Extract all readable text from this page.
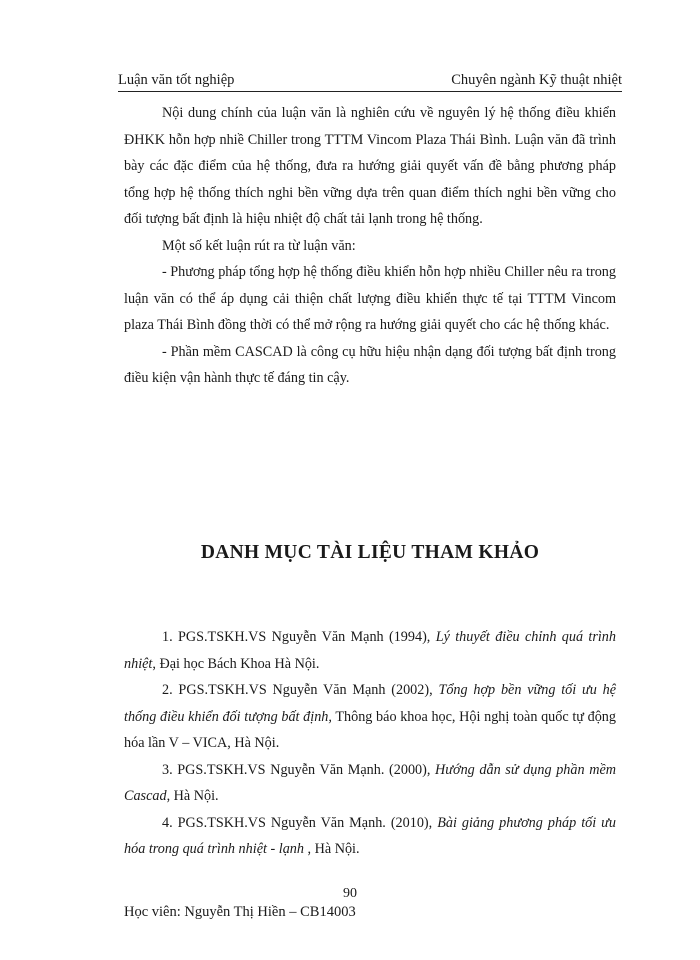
Luận văn tốt nghiệp	Chuyên ngành Kỹ thuật nhiệt

Nội dung chính của luận văn là nghiên cứu về nguyên lý hệ thống điều khiển ĐHKK hỗn hợp nhiề Chiller trong TTTM Vincom Plaza Thái Bình. Luận văn đã trình bày các đặc điểm của hệ thống, đưa ra hướng giải quyết vấn đề bằng phương pháp tổng hợp hệ thống thích nghi bền vững dựa trên quan điểm thích nghi bền vững cho đối tượng bất định là hiệu nhiệt độ chất tải lạnh trong hệ thống.

Một số kết luận rút ra từ luận văn:

- Phương pháp tổng hợp hệ thống điều khiển hỗn hợp nhiều Chiller nêu ra trong luận văn có thể áp dụng cải thiện chất lượng điều khiển thực tế tại TTTM Vincom plaza Thái Bình đồng thời có thể mở rộng ra hướng giải quyết cho các hệ thống khác.

- Phần mềm CASCAD là công cụ hữu hiệu nhận dạng đối tượng bất định trong điều kiện vận hành thực tế đáng tin cậy.

DANH MỤC TÀI LIỆU THAM KHẢO

1. PGS.TSKH.VS Nguyễn Văn Mạnh (1994), Lý thuyết điều chỉnh quá trình nhiệt, Đại học Bách Khoa Hà Nội.

2. PGS.TSKH.VS Nguyễn Văn Mạnh (2002), Tổng hợp bền vững tối ưu hệ thống điều khiển đối tượng bất định, Thông báo khoa học, Hội nghị toàn quốc tự động hóa lần V – VICA, Hà Nội.

3. PGS.TSKH.VS Nguyễn Văn Mạnh. (2000), Hướng dẫn sử dụng phần mềm Cascad, Hà Nội.

4. PGS.TSKH.VS Nguyễn Văn Mạnh. (2010), Bài giảng phương pháp tối ưu hóa trong quá trình nhiệt - lạnh , Hà Nội.

90
Học viên: Nguyễn Thị Hiền – CB14003
